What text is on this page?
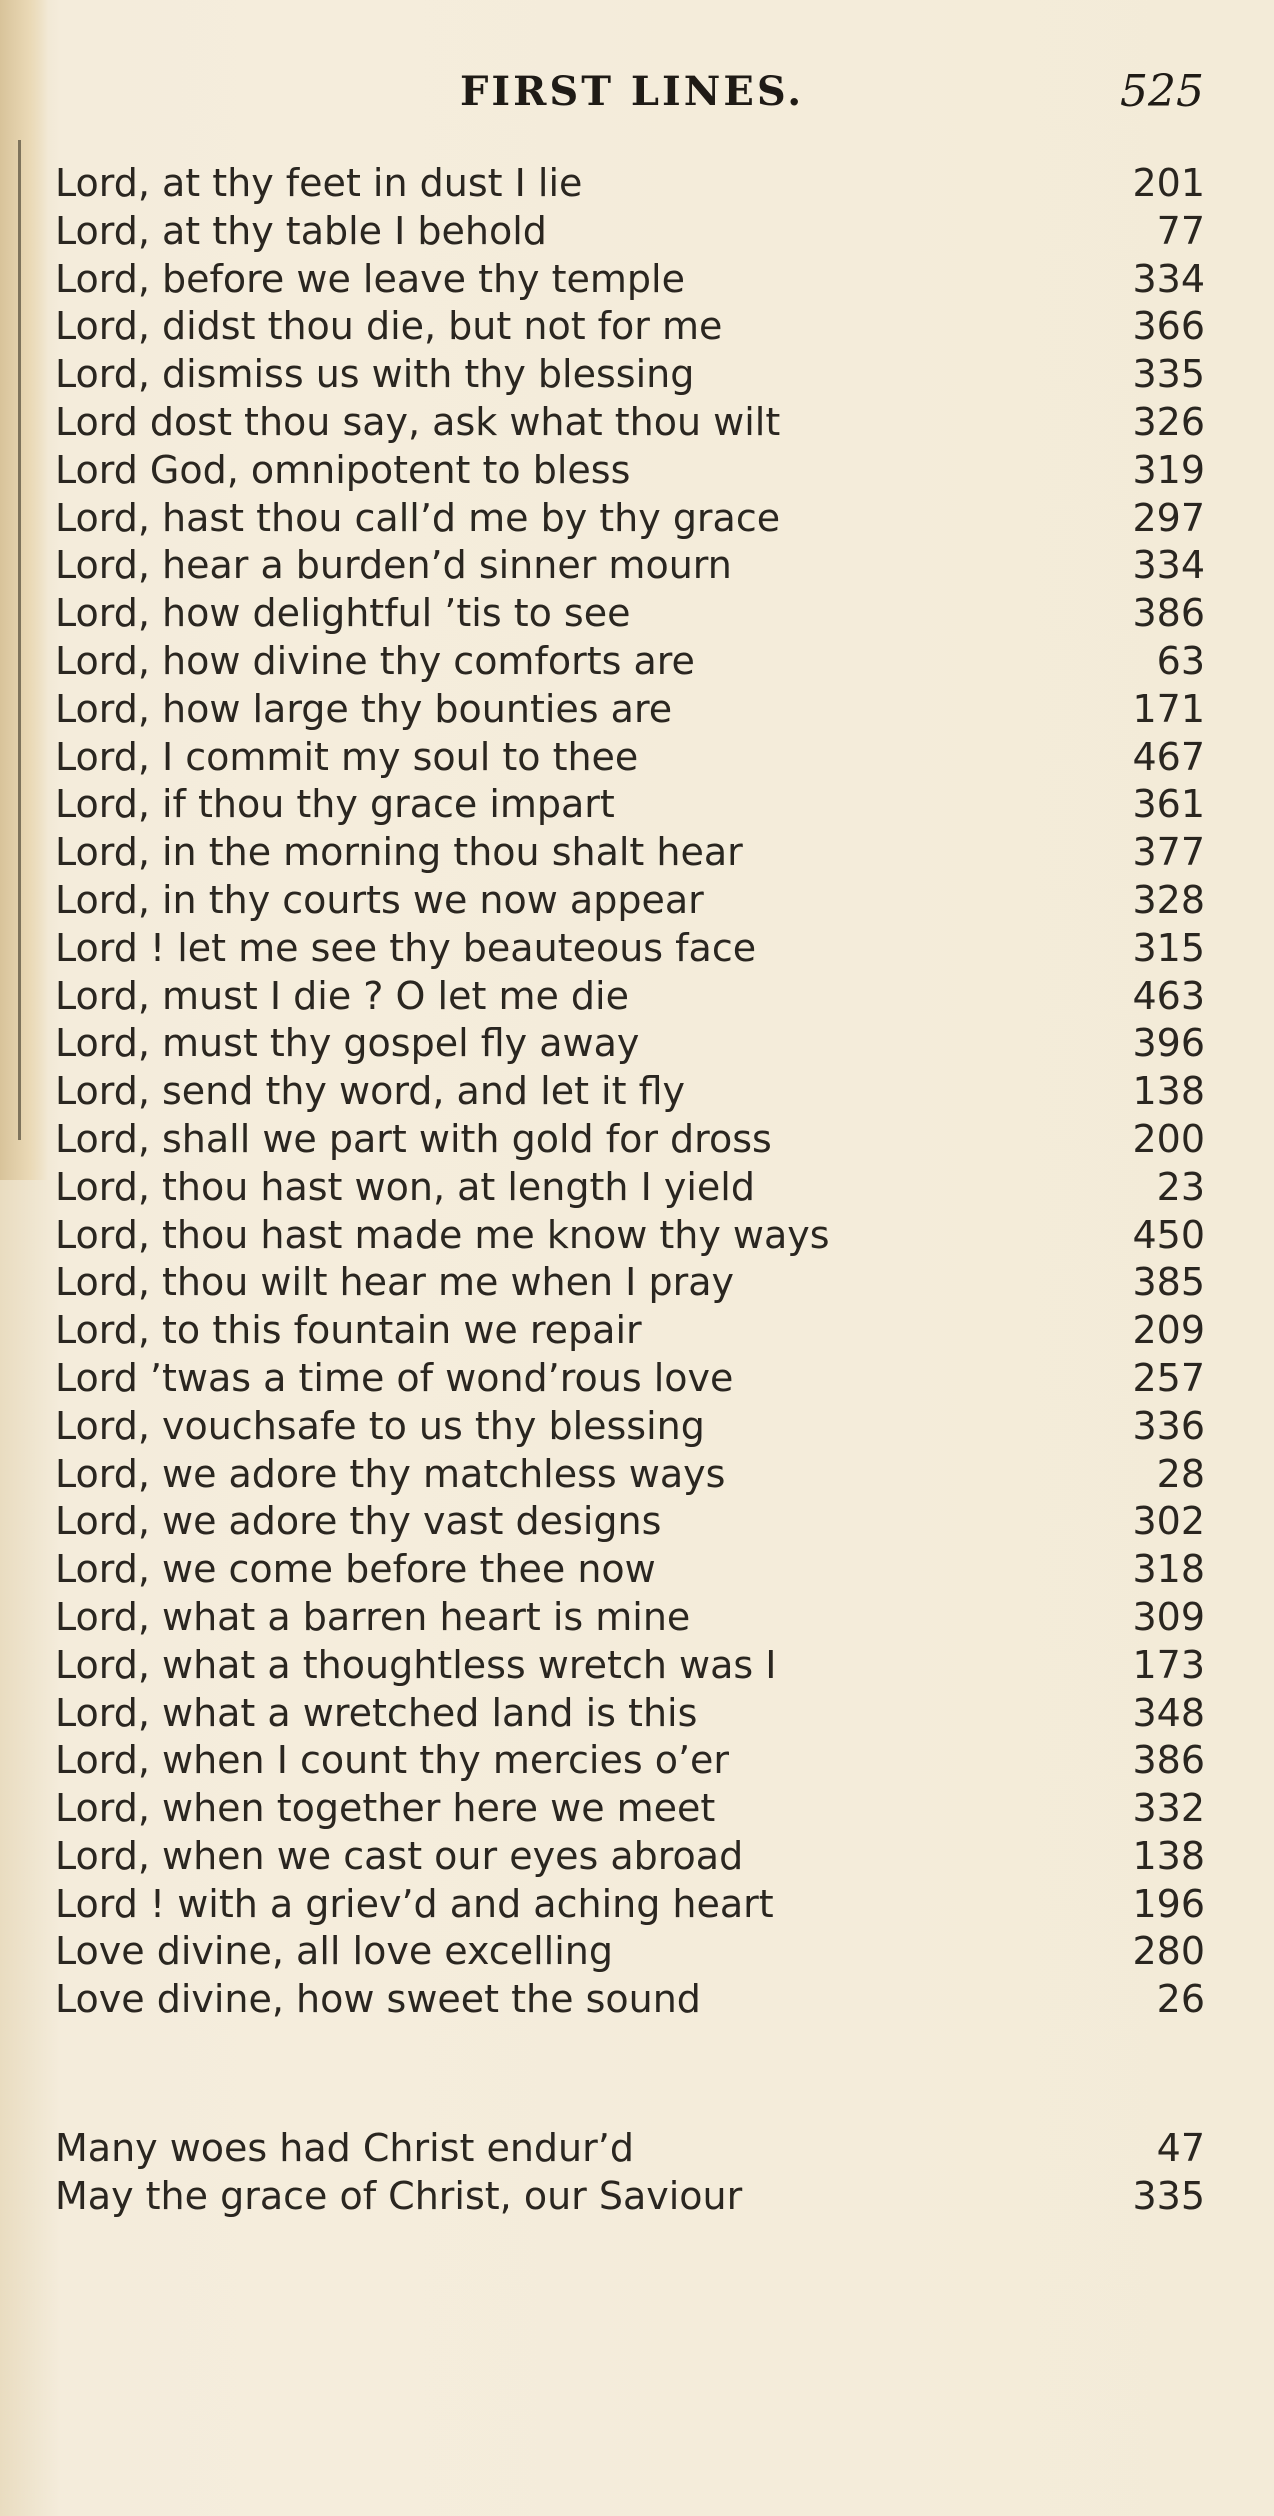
FIRST LINES.	525
Lord, at thy feet in dust I lie	201
Lord, at thy table I behold	77
Lord, before we leave thy temple	334
Lord, didst thou die, but not for me	366
Lord, dismiss us with thy blessing	335
Lord dost thou say, ask what thou wilt	326
Lord God, omnipotent to bless	319
Lord, hast thou call’d me by thy grace	297
Lord, hear a burden’d sinner mourn	334
Lord, how delightful ’tis to see	386
Lord, how divine thy comforts are	63
Lord, how large thy bounties are	171
Lord, I commit my soul to thee	467
Lord, if thou thy grace impart	361
Lord, in the morning thou shalt hear	377
Lord, in thy courts we now appear	328
Lord ! let me see thy beauteous face	315
Lord, must I die ? O let me die	463
Lord, must thy gospel fly away	396
Lord, send thy word, and let it fly	138
Lord, shall we part with gold for dross	200
Lord, thou hast won, at length I yield	23
Lord, thou hast made me know thy ways	450
Lord, thou wilt hear me when I pray	385
Lord, to this fountain we repair	209
Lord ’twas a time of wond’rous love	257
Lord, vouchsafe to us thy blessing	336
Lord, we adore thy matchless ways	28
Lord, we adore thy vast designs	302
Lord, we come before thee now	318
Lord, what a barren heart is mine	309
Lord, what a thoughtless wretch was I	173
Lord, what a wretched land is this	348
Lord, when I count thy mercies o’er	386
Lord, when together here we meet	332
Lord, when we cast our eyes abroad	138
Lord ! with a griev’d and aching heart	196
Love divine, all love excelling	280
Love divine, how sweet the sound	26
Many woes had Christ endur’d	47
May the grace of Christ, our Saviour	335
